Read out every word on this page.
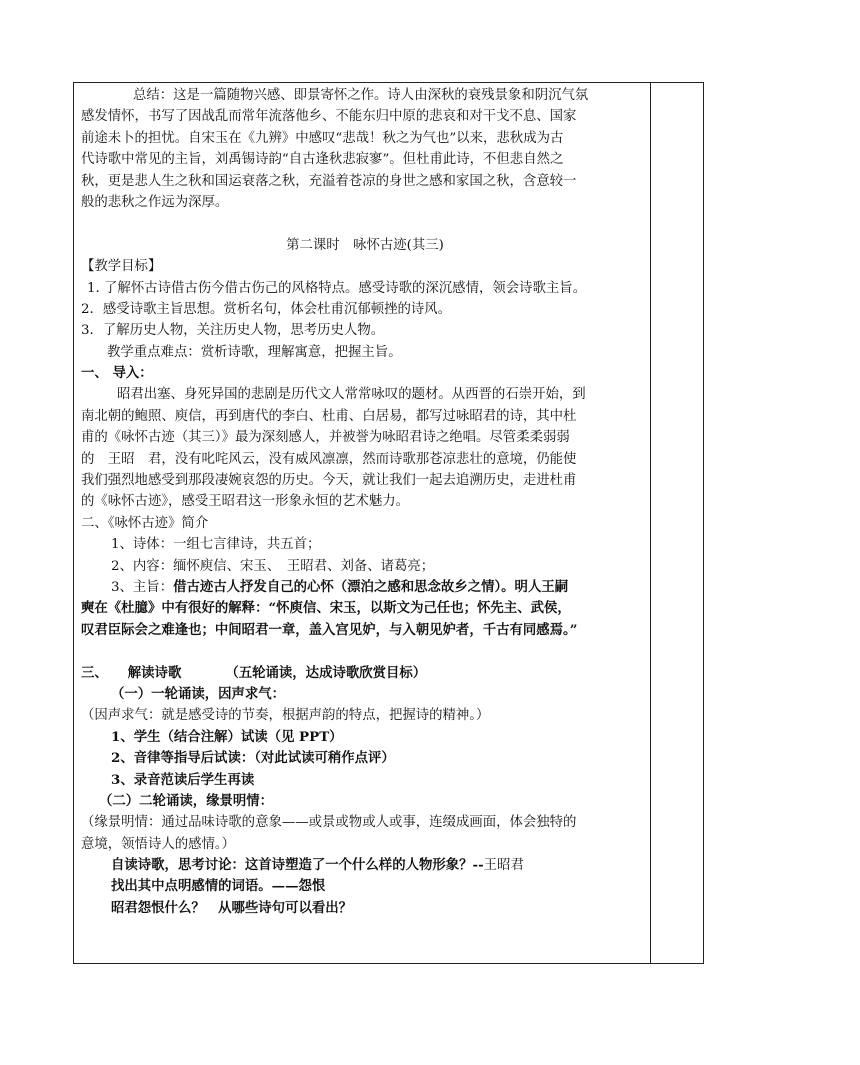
总结：这是一篇随物兴感、即景寄怀之作。诗人由深秋的衰残景象和阴沉气氛
感发情怀，书写了因战乱而常年流落他乡、不能东归中原的悲哀和对干戈不息、国家
前途未卜的担忧。自宋玉在《九辨》中感叹“悲哉！秋之为气也”以来，悲秋成为古
代诗歌中常见的主旨，刘禹锡诗韵“自古逢秋悲寂寥”。但杜甫此诗，不但悲自然之
秋，更是悲人生之秋和国运衰落之秋，充溢着苍凉的身世之感和家国之秋，含意较一
般的悲秋之作远为深厚。
第二课时　咏怀古迹(其三)
【教学目标】
1. 了解怀古诗借古伤今借古伤己的风格特点。感受诗歌的深沉感情，领会诗歌主旨。
2．感受诗歌主旨思想。赏析名句，体会杜甫沉郁顿挫的诗风。
3．了解历史人物，关注历史人物，思考历史人物。
教学重点难点：赏析诗歌，理解寓意，把握主旨。
一、 导入：
昭君出塞、身死异国的悲剧是历代文人常常咏叹的题材。从西晋的石崇开始，到
南北朝的鲍照、庾信，再到唐代的李白、杜甫、白居易，都写过咏昭君的诗，其中杜
甫的《咏怀古迹（其三）》最为深刻感人，并被誉为咏昭君诗之绝唱。尽管柔柔弱弱
的　王昭　君，没有叱咤风云，没有威风凛凛，然而诗歌那苍凉悲壮的意境，仍能使
我们强烈地感受到那段凄婉哀怨的历史。今天，就让我们一起去追溯历史，走进杜甫
的《咏怀古迹》，感受王昭君这一形象永恒的艺术魅力。
二、《咏怀古迹》简介
1、诗体：一组七言律诗，共五首；
2、内容：缅怀庾信、宋玉、　王昭君、刘备、诸葛亮；
3、主旨：借古迹古人抒发自己的心怀（漂泊之感和思念故乡之情）。明人王嗣
奭在《杜臆》中有很好的解释：“怀庾信、宋玉，以斯文为己任也；怀先主、武侯，
叹君臣际会之难逢也；中间昭君一章，盖入宫见妒，与入朝见妒者，千古有同感焉。”
三、 解读诗歌	（五轮诵读，达成诗歌欣赏目标）
（一）一轮诵读，因声求气：
（因声求气：就是感受诗的节奏，根据声韵的特点，把握诗的精神。）
1、学生（结合注解）试读（见 PPT）
2、音律等指导后试读：（对此试读可稍作点评）
3、录音范读后学生再读
（二）二轮诵读，缘景明情：
（缘景明情：通过品味诗歌的意象——或景或物或人或事，连缀成画面，体会独特的
意境，领悟诗人的感情。）
自读诗歌，思考讨论：这首诗塑造了一个什么样的人物形象？--王昭君
找出其中点明感情的词语。——怨恨
昭君怨恨什么？　从哪些诗句可以看出？
